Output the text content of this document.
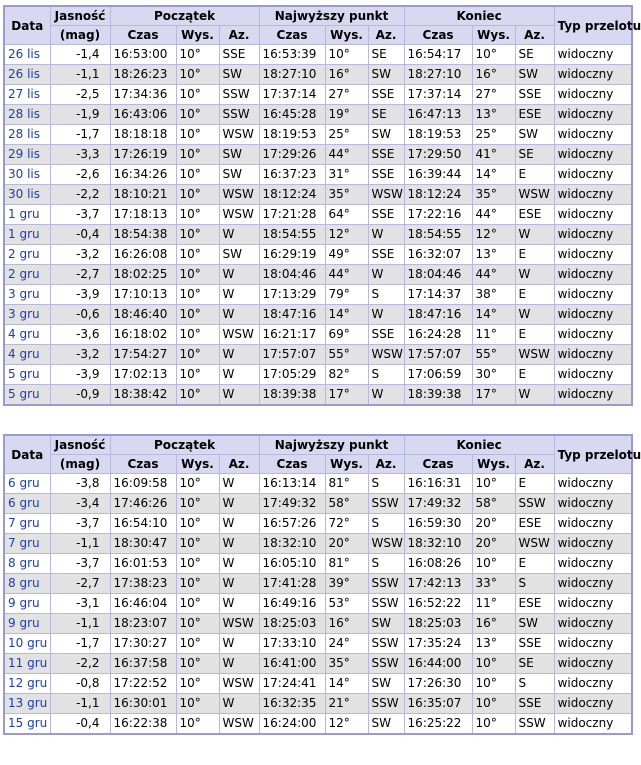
Data	Jasność	Początek			Najwyższy punkt			Koniec			Typ przelotu
	(mag)	Czas	Wys.	Az.	Czas	Wys.	Az.	Czas	Wys.	Az.	
26 lis	-1,4	16:53:00	10°	SSE	16:53:39	10°	SE	16:54:17	10°	SE	widoczny
26 lis	-1,1	18:26:23	10°	SW	18:27:10	16°	SW	18:27:10	16°	SW	widoczny
27 lis	-2,5	17:34:36	10°	SSW	17:37:14	27°	SSE	17:37:14	27°	SSE	widoczny
28 lis	-1,9	16:43:06	10°	SSW	16:45:28	19°	SE	16:47:13	13°	ESE	widoczny
28 lis	-1,7	18:18:18	10°	WSW	18:19:53	25°	SW	18:19:53	25°	SW	widoczny
29 lis	-3,3	17:26:19	10°	SW	17:29:26	44°	SSE	17:29:50	41°	SE	widoczny
30 lis	-2,6	16:34:26	10°	SW	16:37:23	31°	SSE	16:39:44	14°	E	widoczny
30 lis	-2,2	18:10:21	10°	WSW	18:12:24	35°	WSW	18:12:24	35°	WSW	widoczny
1 gru	-3,7	17:18:13	10°	WSW	17:21:28	64°	SSE	17:22:16	44°	ESE	widoczny
1 gru	-0,4	18:54:38	10°	W	18:54:55	12°	W	18:54:55	12°	W	widoczny
2 gru	-3,2	16:26:08	10°	SW	16:29:19	49°	SSE	16:32:07	13°	E	widoczny
2 gru	-2,7	18:02:25	10°	W	18:04:46	44°	W	18:04:46	44°	W	widoczny
3 gru	-3,9	17:10:13	10°	W	17:13:29	79°	S	17:14:37	38°	E	widoczny
3 gru	-0,6	18:46:40	10°	W	18:47:16	14°	W	18:47:16	14°	W	widoczny
4 gru	-3,6	16:18:02	10°	WSW	16:21:17	69°	SSE	16:24:28	11°	E	widoczny
4 gru	-3,2	17:54:27	10°	W	17:57:07	55°	WSW	17:57:07	55°	WSW	widoczny
5 gru	-3,9	17:02:13	10°	W	17:05:29	82°	S	17:06:59	30°	E	widoczny
5 gru	-0,9	18:38:42	10°	W	18:39:38	17°	W	18:39:38	17°	W	widoczny
Data	Jasność	Początek			Najwyższy punkt			Koniec			Typ przelotu
	(mag)	Czas	Wys.	Az.	Czas	Wys.	Az.	Czas	Wys.	Az.	
6 gru	-3,8	16:09:58	10°	W	16:13:14	81°	S	16:16:31	10°	E	widoczny
6 gru	-3,4	17:46:26	10°	W	17:49:32	58°	SSW	17:49:32	58°	SSW	widoczny
7 gru	-3,7	16:54:10	10°	W	16:57:26	72°	S	16:59:30	20°	ESE	widoczny
7 gru	-1,1	18:30:47	10°	W	18:32:10	20°	WSW	18:32:10	20°	WSW	widoczny
8 gru	-3,7	16:01:53	10°	W	16:05:10	81°	S	16:08:26	10°	E	widoczny
8 gru	-2,7	17:38:23	10°	W	17:41:28	39°	SSW	17:42:13	33°	S	widoczny
9 gru	-3,1	16:46:04	10°	W	16:49:16	53°	SSW	16:52:22	11°	ESE	widoczny
9 gru	-1,1	18:23:07	10°	WSW	18:25:03	16°	SW	18:25:03	16°	SW	widoczny
10 gru	-1,7	17:30:27	10°	W	17:33:10	24°	SSW	17:35:24	13°	SSE	widoczny
11 gru	-2,2	16:37:58	10°	W	16:41:00	35°	SSW	16:44:00	10°	SE	widoczny
12 gru	-0,8	17:22:52	10°	WSW	17:24:41	14°	SW	17:26:30	10°	S	widoczny
13 gru	-1,1	16:30:01	10°	W	16:32:35	21°	SSW	16:35:07	10°	SSE	widoczny
15 gru	-0,4	16:22:38	10°	WSW	16:24:00	12°	SW	16:25:22	10°	SSW	widoczny
